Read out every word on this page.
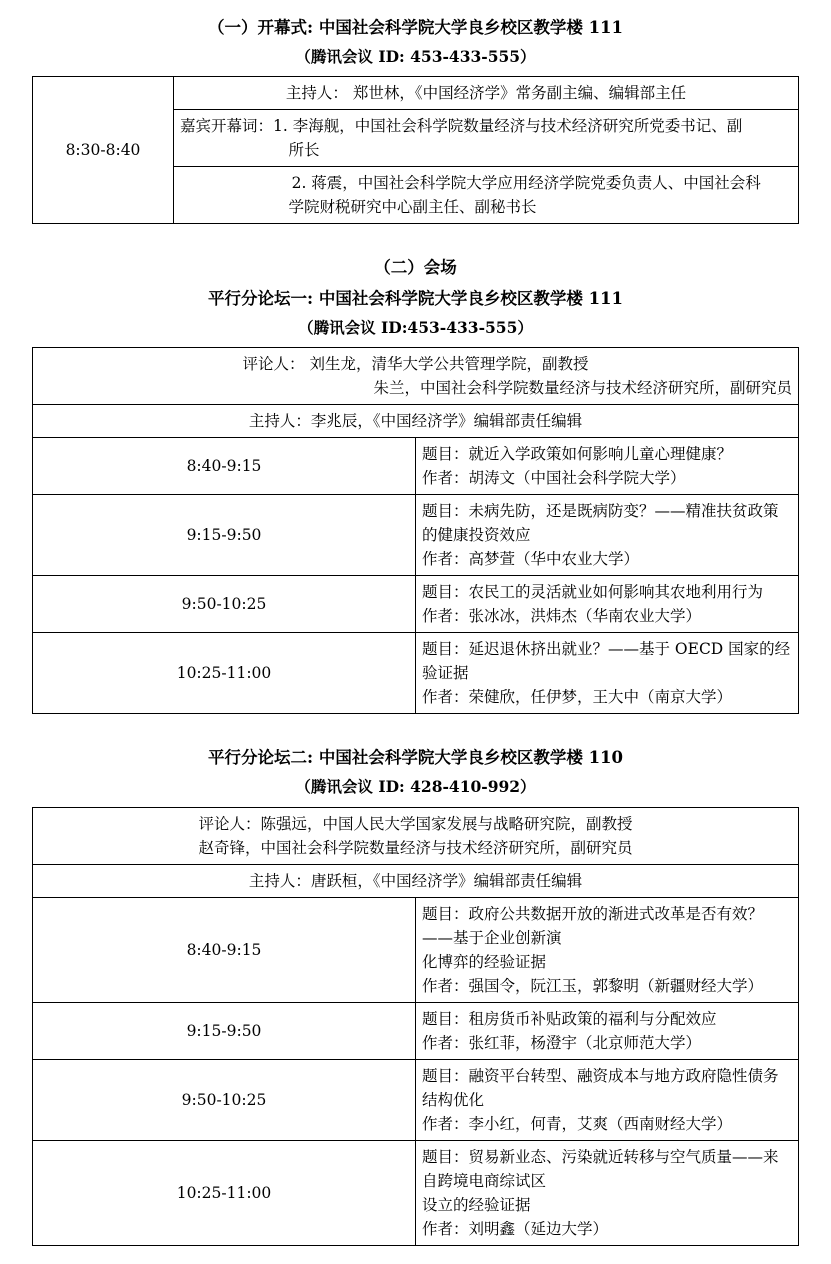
（一）开幕式: 中国社会科学院大学良乡校区教学楼 111
（腾讯会议 ID: 453-433-555）
8:30-8:40	主持人： 郑世林，《中国经济学》常务副主编、编辑部主任

嘉宾开幕词：1. 李海舰，中国社会科学院数量经济与技术经济研究所党委书记、副
所长

2. 蒋震，中国社会科学院大学应用经济学院党委负责人、中国社会科
学院财税研究中心副主任、副秘书长
（二）会场
平行分论坛一: 中国社会科学院大学良乡校区教学楼 111
（腾讯会议 ID:453-433-555）
评论人： 刘生龙，清华大学公共管理学院，副教授
朱兰，中国社会科学院数量经济与技术经济研究所，副研究员	

主持人：李兆辰，《中国经济学》编辑部责任编辑	
8:40-9:15	题目：就近入学政策如何影响儿童心理健康？
作者：胡涛文（中国社会科学院大学）

9:15-9:50	题目：未病先防，还是既病防变？——精准扶贫政策的健康投资效应
作者：高梦萱（华中农业大学）

9:50-10:25	题目：农民工的灵活就业如何影响其农地利用行为
作者：张冰冰，洪炜杰（华南农业大学）

10:25-11:00	题目：延迟退休挤出就业？——基于 OECD 国家的经验证据
作者：荣健欣，任伊梦，王大中（南京大学）
平行分论坛二: 中国社会科学院大学良乡校区教学楼 110
（腾讯会议 ID: 428-410-992）
评论人：陈强远，中国人民大学国家发展与战略研究院，副教授
赵奇锋，中国社会科学院数量经济与技术经济研究所，副研究员	

主持人：唐跃桓，《中国经济学》编辑部责任编辑	
8:40-9:15	题目：政府公共数据开放的渐进式改革是否有效？——基于企业创新演
化博弈的经验证据
作者：强国令，阮江玉，郭黎明（新疆财经大学）

9:15-9:50	题目：租房货币补贴政策的福利与分配效应
作者：张红菲，杨澄宇（北京师范大学）

9:50-10:25	题目：融资平台转型、融资成本与地方政府隐性债务结构优化
作者：李小红，何青，艾爽（西南财经大学）

10:25-11:00	题目：贸易新业态、污染就近转移与空气质量——来自跨境电商综试区
设立的经验证据
作者：刘明鑫（延边大学）
